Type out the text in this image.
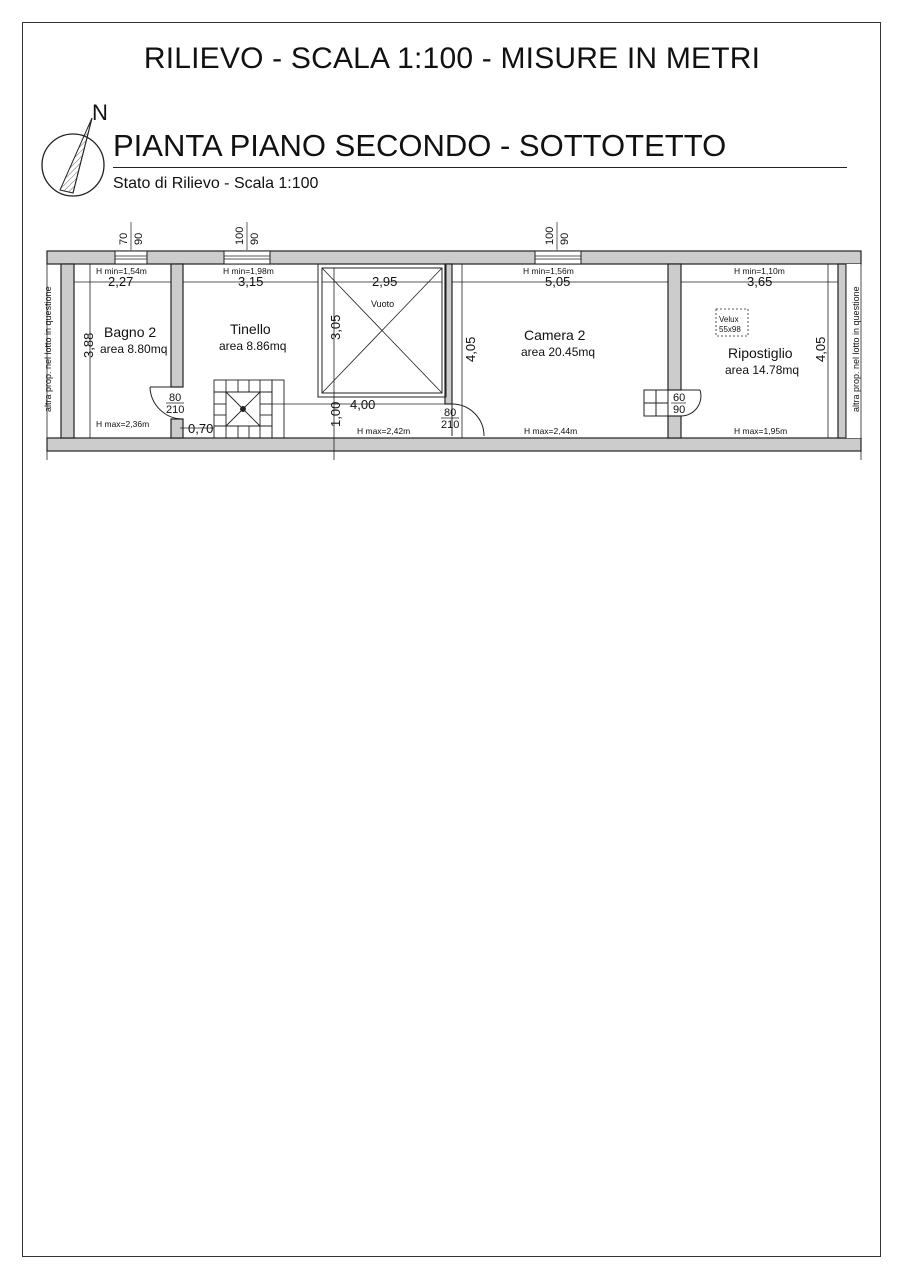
RILIEVO - SCALA 1:100 - MISURE IN METRI
N
PIANTA PIANO SECONDO - SOTTOTETTO
Stato di Rilievo - Scala 1:100
70 90	100 90	100 90
altra prop. nel lotto in questione	altra prop. nel lotto in questione
Velux
55x98
2,27	3,15	2,95	5,05	3,65
3,88
3,05
4,05	4,05
4,00
1,00
0,70
H min=1,54m	H min=1,98m	H min=1,56m	H min=1,10m
H max=2,36m
H max=2,42m	H max=2,44m	H max=1,95m
Bagno 2
area 8.80mq
Tinello
area 8.86mq
Vuoto
Camera 2
area 20.45mq	Ripostiglio
area 14.78mq
80
210	80
210
60
90
